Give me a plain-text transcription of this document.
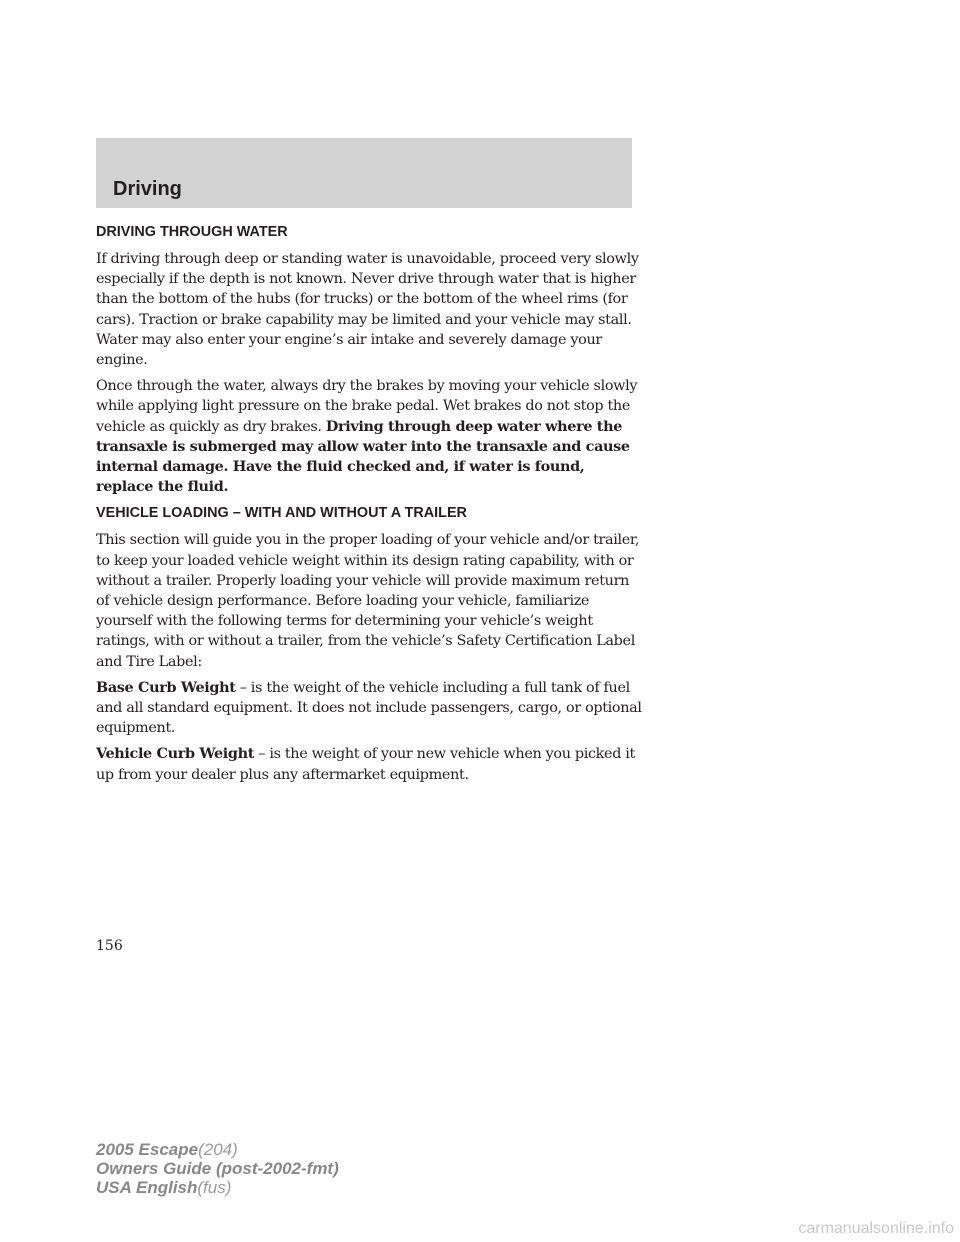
Driving
DRIVING THROUGH WATER

If driving through deep or standing water is unavoidable, proceed very slowly especially if the depth is not known. Never drive through water that is higher than the bottom of the hubs (for trucks) or the bottom of the wheel rims (for cars). Traction or brake capability may be limited and your vehicle may stall. Water may also enter your engine’s air intake and severely damage your engine.

Once through the water, always dry the brakes by moving your vehicle slowly while applying light pressure on the brake pedal. Wet brakes do not stop the vehicle as quickly as dry brakes. Driving through deep water where the transaxle is submerged may allow water into the transaxle and cause internal damage. Have the fluid checked and, if water is found, replace the fluid.

VEHICLE LOADING – WITH AND WITHOUT A TRAILER

This section will guide you in the proper loading of your vehicle and/or trailer, to keep your loaded vehicle weight within its design rating capability, with or without a trailer. Properly loading your vehicle will provide maximum return of vehicle design performance. Before loading your vehicle, familiarize yourself with the following terms for determining your vehicle’s weight ratings, with or without a trailer, from the vehicle’s Safety Certification Label and Tire Label:

Base Curb Weight – is the weight of the vehicle including a full tank of fuel and all standard equipment. It does not include passengers, cargo, or optional equipment.

Vehicle Curb Weight – is the weight of your new vehicle when you picked it up from your dealer plus any aftermarket equipment.

156
2005 Escape(204)
Owners Guide (post-2002-fmt)
USA English(fus)
carmanualsonline.info
